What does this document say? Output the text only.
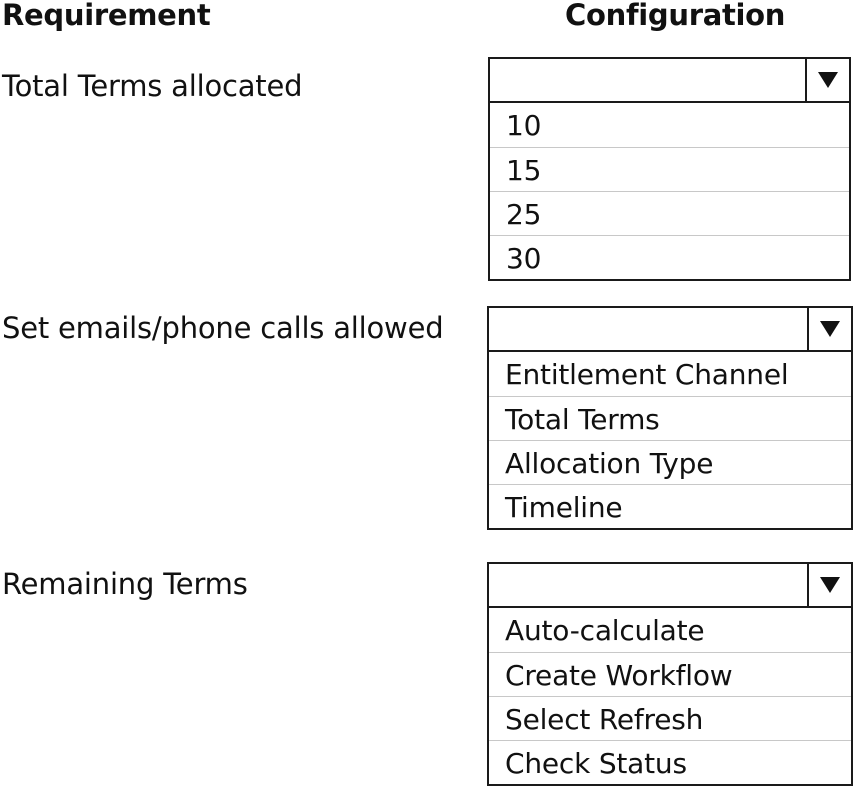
Requirement	Configuration
Total Terms allocated
10
15
25
30
Set emails/phone calls allowed
Entitlement Channel
Total Terms
Allocation Type
Timeline
Remaining Terms
Auto-calculate
Create Workflow
Select Refresh
Check Status
